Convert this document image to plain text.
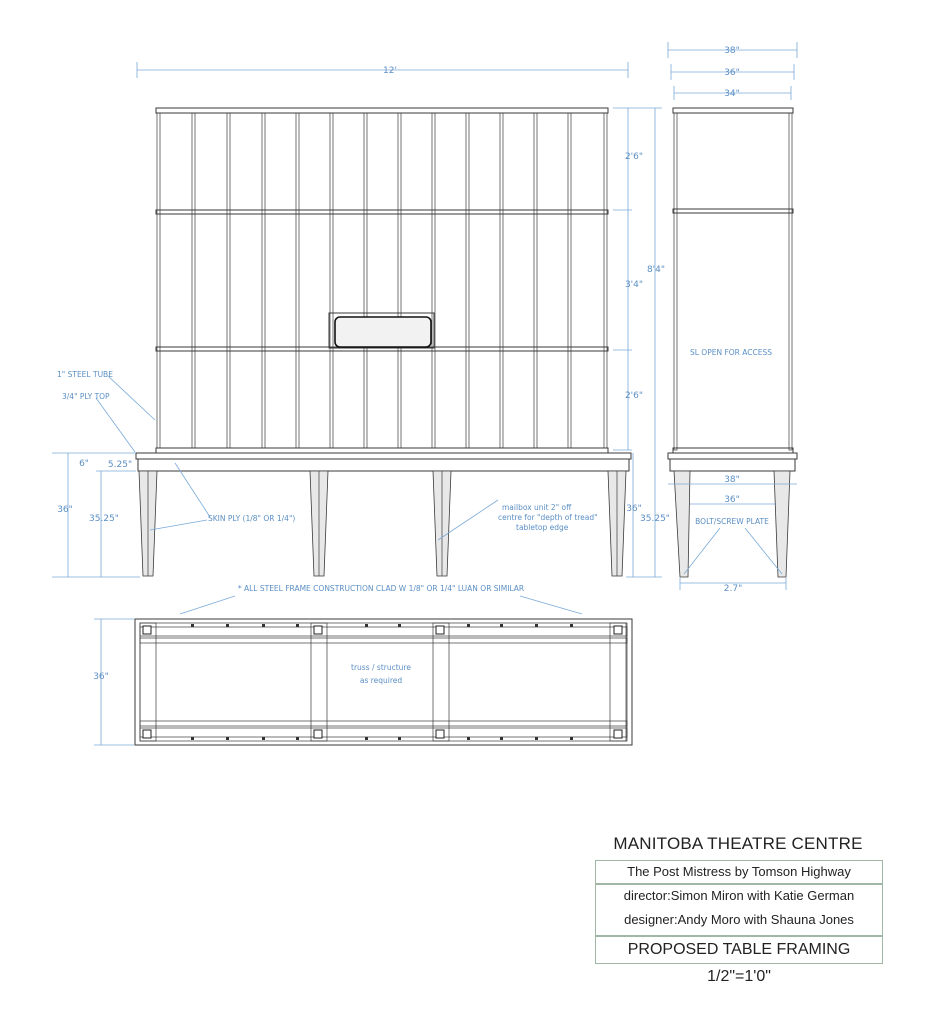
12'
2'6"
3'4"
2'6"
8'4"
36"
35.25"
6" 5.25"
36"
35.25"
1" STEEL TUBE
3/4" PLY TOP
SKIN PLY (1/8" OR 1/4")
mailbox unit 2" off
centre for "depth of tread"
tabletop edge
38"
36"
34"
SL OPEN FOR ACCESS
38"
36"
BOLT/SCREW PLATE
2.7"
* ALL STEEL FRAME CONSTRUCTION CLAD W 1/8" OR 1/4" LUAN OR SIMILAR
truss / structure
as required
36"
MANITOBA THEATRE CENTRE
The Post Mistress by Tomson Highway
director:Simon Miron with Katie German
designer:Andy Moro with Shauna Jones
PROPOSED TABLE FRAMING
1/2"=1'0"
